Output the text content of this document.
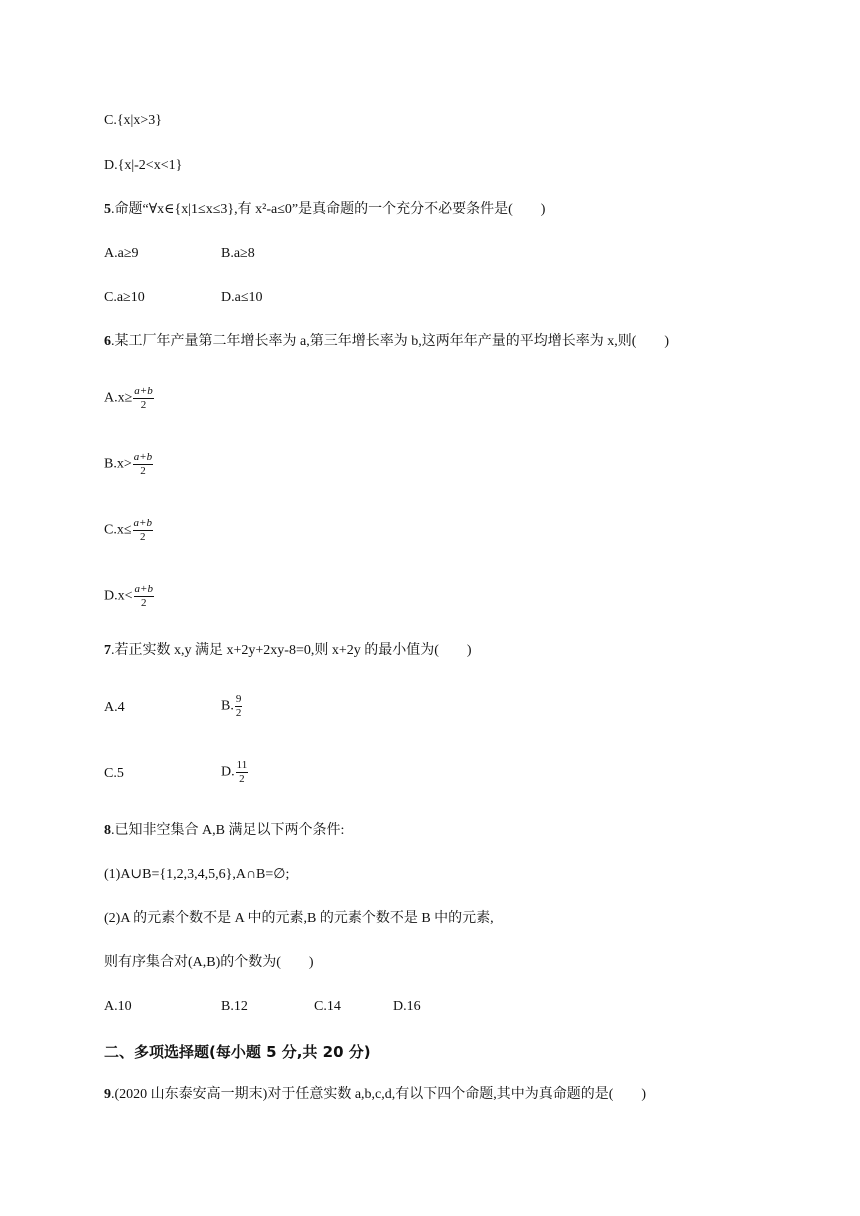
C.{x|x>3}
D.{x|-2<x<1}
5.命题“∀x∈{x|1≤x≤3},有 x²-a≤0”是真命题的一个充分不必要条件是(　　)
A.a≥9	B.a≥8
C.a≥10	D.a≤10
6.某工厂年产量第二年增长率为 a,第三年增长率为 b,这两年年产量的平均增长率为 x,则(　　)
$A.x\ge \frac{a+b}{2}$
$B.x> \frac{a+b}{2}$
$C.x\le \frac{a+b}{2}$
$D.x< \frac{a+b}{2}$
7.若正实数 x,y 满足 x+2y+2xy-8=0,则 x+2y 的最小值为(　　)
A.4	B. $\frac{9}{2}$
C.5	D. $\frac{11}{2}$
8.已知非空集合 A,B 满足以下两个条件:
(1)A∪B={1,2,3,4,5,6},A∩B=∅;
(2)A 的元素个数不是 A 中的元素,B 的元素个数不是 B 中的元素,
则有序集合对(A,B)的个数为(　　)
A.10	B.12	C.14	D.16
二、多项选择题(每小题 5 分,共 20 分)
9.(2020 山东泰安高一期末)对于任意实数 a,b,c,d,有以下四个命题,其中为真命题的是(　　)
